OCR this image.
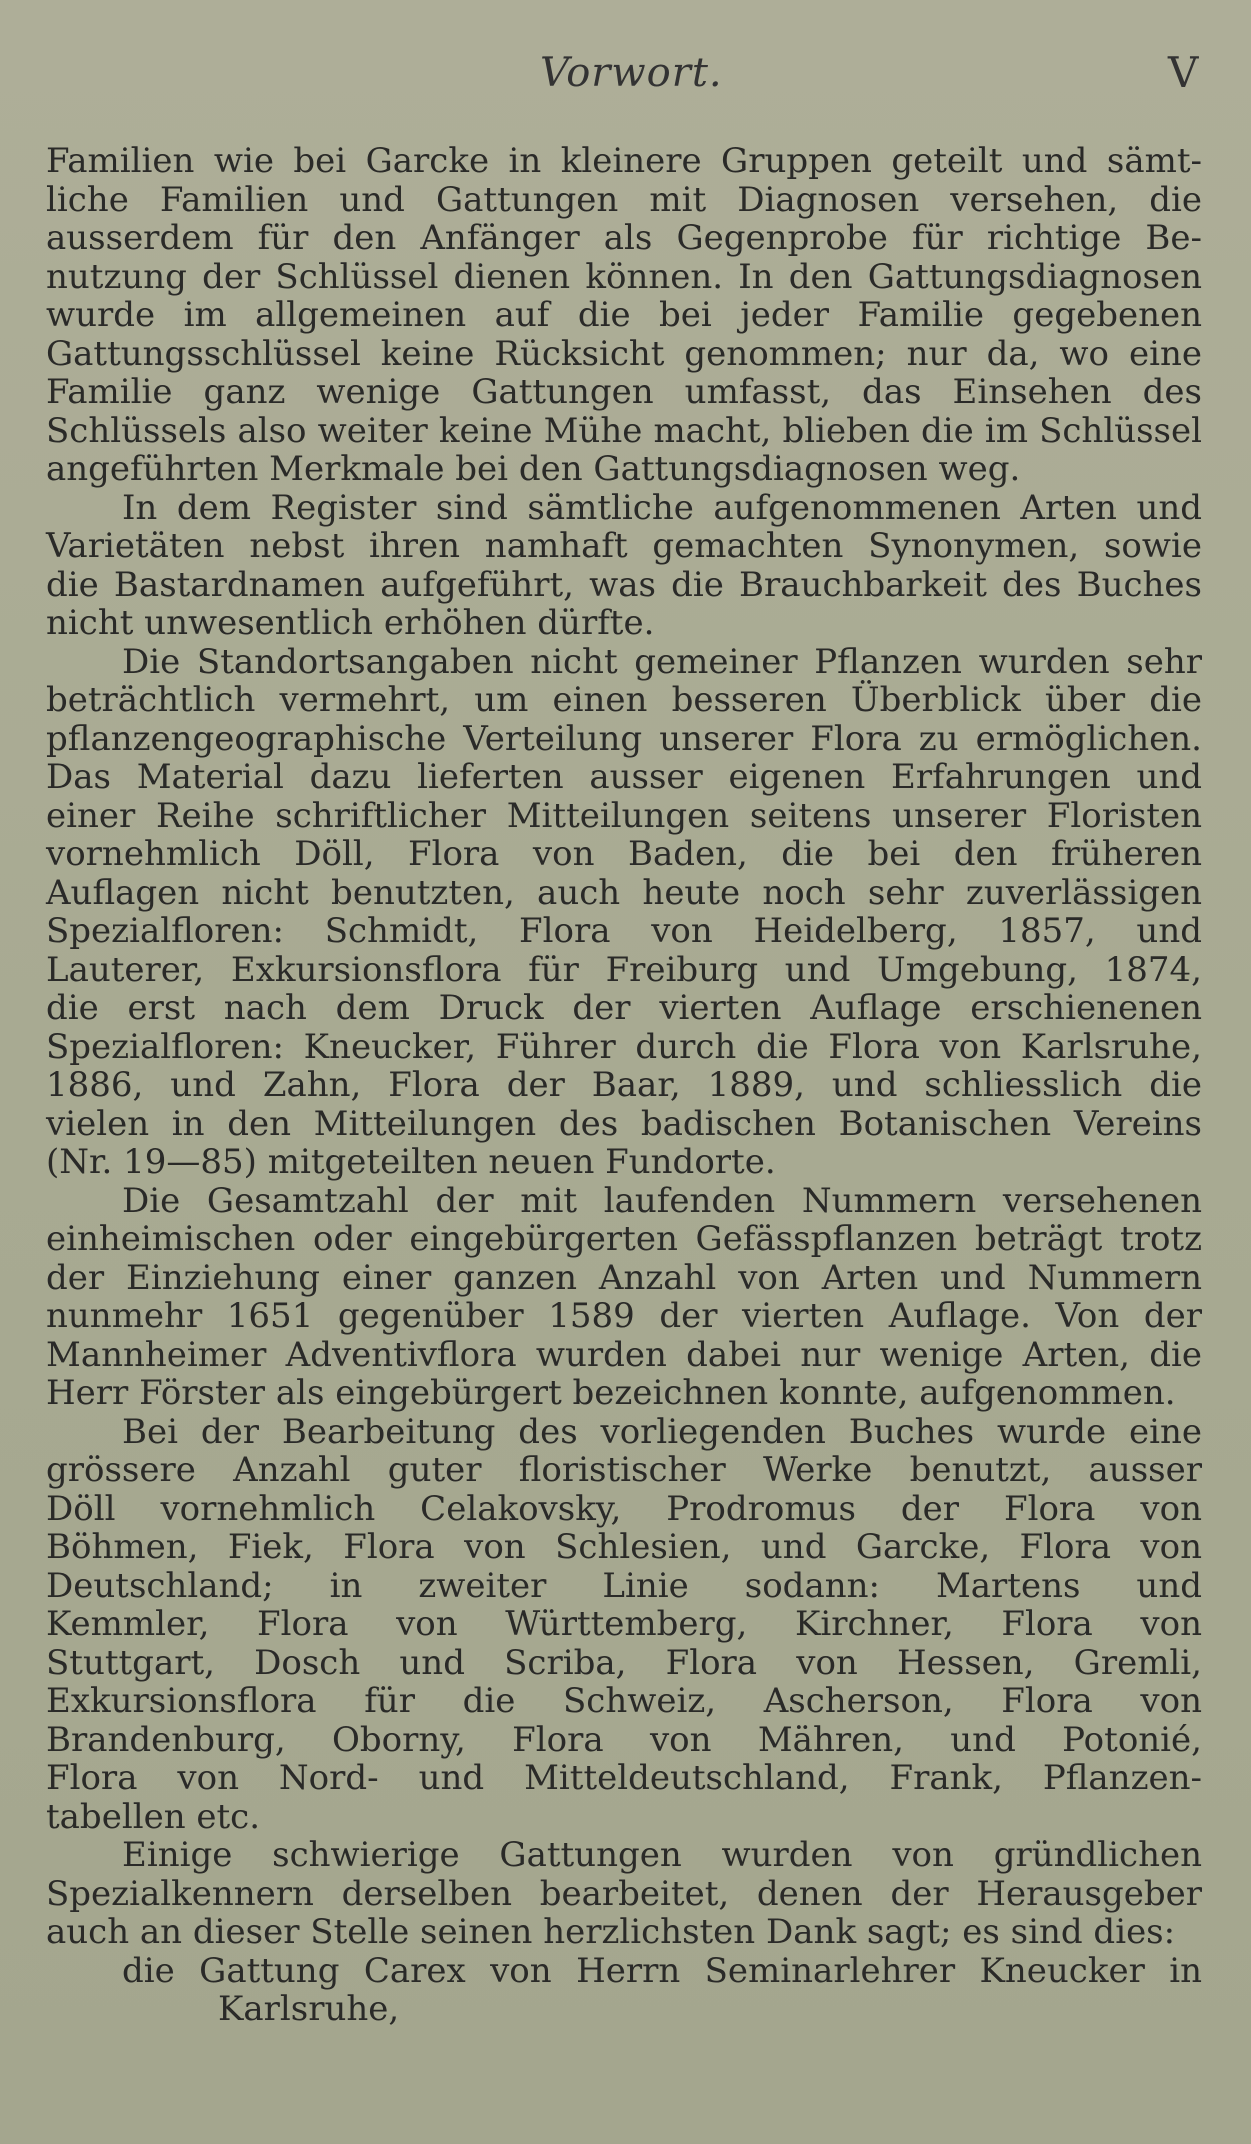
Vorwort.	V
Familien wie bei Garcke in kleinere Gruppen geteilt und sämt-
liche Familien und Gattungen mit Diagnosen versehen, die
ausserdem für den Anfänger als Gegenprobe für richtige Be-
nutzung der Schlüssel dienen können. In den Gattungsdiagnosen
wurde im allgemeinen auf die bei jeder Familie gegebenen
Gattungsschlüssel keine Rücksicht genommen; nur da, wo eine
Familie ganz wenige Gattungen umfasst, das Einsehen des
Schlüssels also weiter keine Mühe macht, blieben die im Schlüssel
angeführten Merkmale bei den Gattungsdiagnosen weg.
In dem Register sind sämtliche aufgenommenen Arten und
Varietäten nebst ihren namhaft gemachten Synonymen, sowie
die Bastardnamen aufgeführt, was die Brauchbarkeit des Buches
nicht unwesentlich erhöhen dürfte.
Die Standortsangaben nicht gemeiner Pflanzen wurden sehr
beträchtlich vermehrt, um einen besseren Überblick über die
pflanzengeographische Verteilung unserer Flora zu ermöglichen.
Das Material dazu lieferten ausser eigenen Erfahrungen und
einer Reihe schriftlicher Mitteilungen seitens unserer Floristen
vornehmlich Döll, Flora von Baden, die bei den früheren
Auflagen nicht benutzten, auch heute noch sehr zuverlässigen
Spezialfloren: Schmidt, Flora von Heidelberg, 1857, und
Lauterer, Exkursionsflora für Freiburg und Umgebung, 1874,
die erst nach dem Druck der vierten Auflage erschienenen
Spezialfloren: Kneucker, Führer durch die Flora von Karlsruhe,
1886, und Zahn, Flora der Baar, 1889, und schliesslich die
vielen in den Mitteilungen des badischen Botanischen Vereins
(Nr. 19—85) mitgeteilten neuen Fundorte.
Die Gesamtzahl der mit laufenden Nummern versehenen
einheimischen oder eingebürgerten Gefässpflanzen beträgt trotz
der Einziehung einer ganzen Anzahl von Arten und Nummern
nunmehr 1651 gegenüber 1589 der vierten Auflage. Von der
Mannheimer Adventivflora wurden dabei nur wenige Arten, die
Herr Förster als eingebürgert bezeichnen konnte, aufgenommen.
Bei der Bearbeitung des vorliegenden Buches wurde eine
grössere Anzahl guter floristischer Werke benutzt, ausser
Döll vornehmlich Celakovsky, Prodromus der Flora von
Böhmen, Fiek, Flora von Schlesien, und Garcke, Flora von
Deutschland; in zweiter Linie sodann: Martens und
Kemmler, Flora von Württemberg, Kirchner, Flora von
Stuttgart, Dosch und Scriba, Flora von Hessen, Gremli,
Exkursionsflora für die Schweiz, Ascherson, Flora von
Brandenburg, Oborny, Flora von Mähren, und Potonié,
Flora von Nord- und Mitteldeutschland, Frank, Pflanzen-
tabellen etc.
Einige schwierige Gattungen wurden von gründlichen
Spezialkennern derselben bearbeitet, denen der Herausgeber
auch an dieser Stelle seinen herzlichsten Dank sagt; es sind dies:
die Gattung Carex von Herrn Seminarlehrer Kneucker in
Karlsruhe,
